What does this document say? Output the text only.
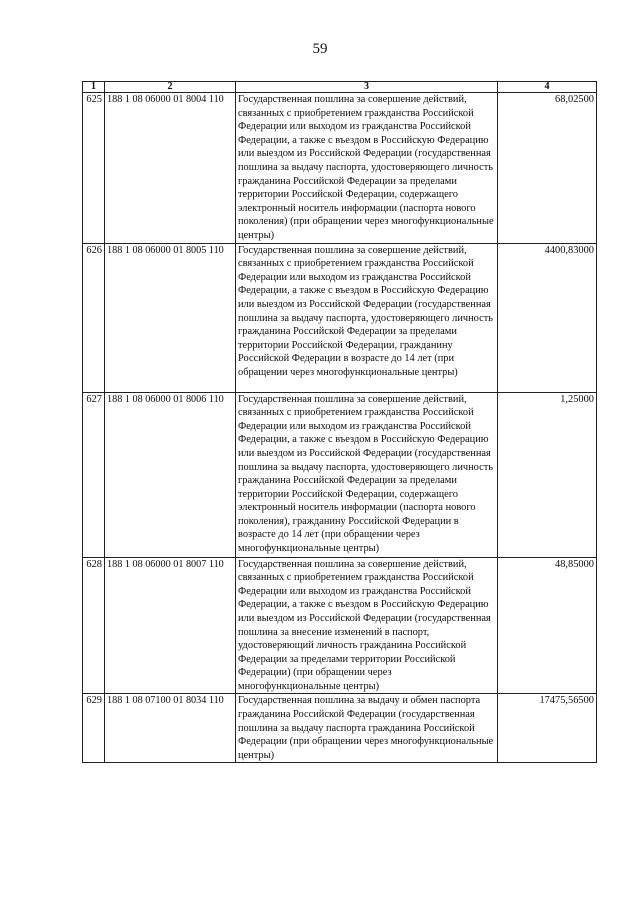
59
1	2	3	4
625	188 1 08 06000 01 8004 110	Государственная пошлина за совершение действий, связанных с приобретением гражданства Российской Федерации или выходом из гражданства Российской Федерации, а также с въездом в Российскую Федерацию или выездом из Российской Федерации (государственная пошлина за выдачу паспорта, удостоверяющего личность гражданина Российской Федерации за пределами территории Российской Федерации, содержащего электронный носитель информации (паспорта нового поколения) (при обращении через многофункциональные центры)	68,02500
626	188 1 08 06000 01 8005 110	Государственная пошлина за совершение действий, связанных с приобретением гражданства Российской Федерации или выходом из гражданства Российской Федерации, а также с въездом в Российскую Федерацию или выездом из Российской Федерации (государственная пошлина за выдачу паспорта, удостоверяющего личность гражданина Российской Федерации за пределами территории Российской Федерации, гражданину Российской Федерации в возрасте до 14 лет (при обращении через многофункциональные центры)	4400,83000
627	188 1 08 06000 01 8006 110	Государственная пошлина за совершение действий, связанных с приобретением гражданства Российской Федерации или выходом из гражданства Российской Федерации, а также с въездом в Российскую Федерацию или выездом из Российской Федерации (государственная пошлина за выдачу паспорта, удостоверяющего личность гражданина Российской Федерации за пределами территории Российской Федерации, содержащего электронный носитель информации (паспорта нового поколения), гражданину Российской Федерации в возрасте до 14 лет (при обращении через многофункциональные центры)	1,25000
628	188 1 08 06000 01 8007 110	Государственная пошлина за совершение действий, связанных с приобретением гражданства Российской Федерации или выходом из гражданства Российской Федерации, а также с въездом в Российскую Федерацию или выездом из Российской Федерации (государственная пошлина за внесение изменений в паспорт, удостоверяющий личность гражданина Российской Федерации за пределами территории Российской Федерации) (при обращении через многофункциональные центры)	48,85000
629	188 1 08 07100 01 8034 110	Государственная пошлина за выдачу и обмен паспорта гражданина Российской Федерации (государственная пошлина за выдачу паспорта гражданина Российской Федерации (при обращении через многофункциональные центры)	17475,56500
